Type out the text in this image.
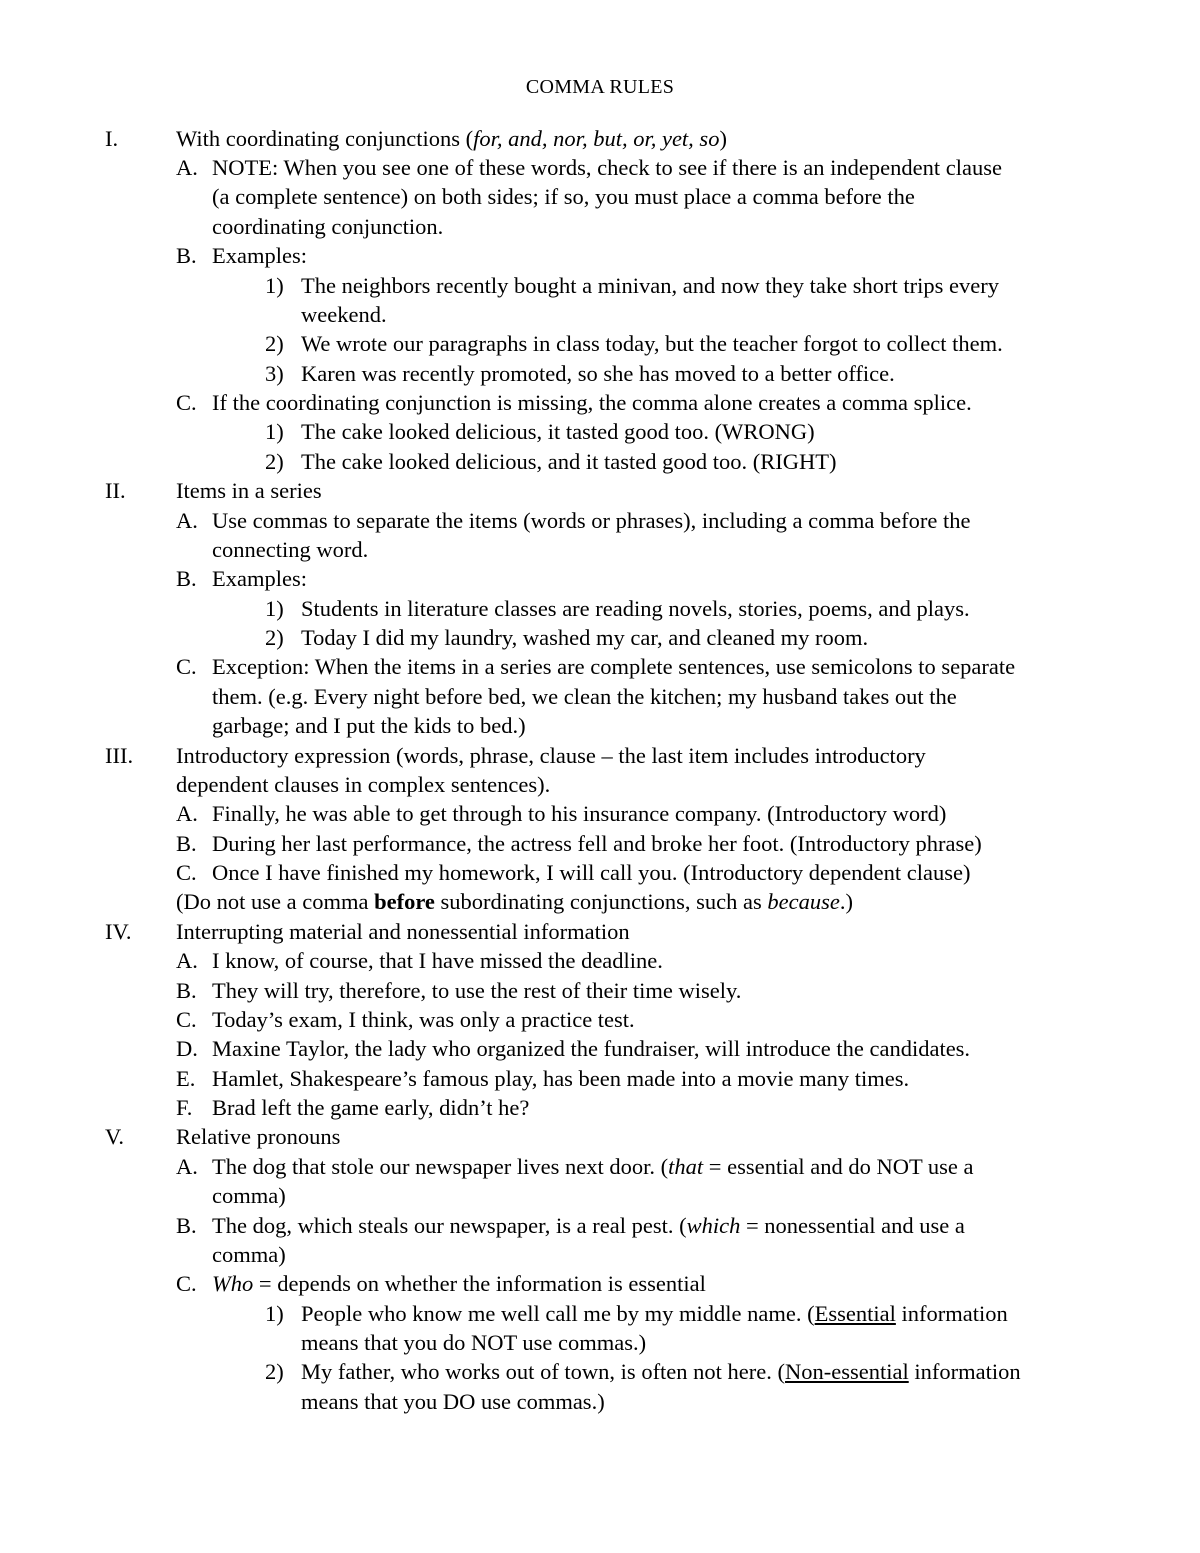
COMMA RULES
I.	With coordinating conjunctions (for, and, nor, but, or, yet, so)
A. NOTE: When you see one of these words, check to see if there is an independent clause
(a complete sentence) on both sides; if so, you must place a comma before the
coordinating conjunction.
B. Examples:
1) The neighbors recently bought a minivan, and now they take short trips every
weekend.
2) We wrote our paragraphs in class today, but the teacher forgot to collect them.
3) Karen was recently promoted, so she has moved to a better office.
C. If the coordinating conjunction is missing, the comma alone creates a comma splice.
1) The cake looked delicious, it tasted good too. (WRONG)
2) The cake looked delicious, and it tasted good too. (RIGHT)
II. Items in a series
A. Use commas to separate the items (words or phrases), including a comma before the
connecting word.
B. Examples:
1) Students in literature classes are reading novels, stories, poems, and plays.
2) Today I did my laundry, washed my car, and cleaned my room.
C. Exception: When the items in a series are complete sentences, use semicolons to separate
them. (e.g. Every night before bed, we clean the kitchen; my husband takes out the
garbage; and I put the kids to bed.)
III. Introductory expression (words, phrase, clause – the last item includes introductory
dependent clauses in complex sentences).
A. Finally, he was able to get through to his insurance company. (Introductory word)
B. During her last performance, the actress fell and broke her foot. (Introductory phrase)
C. Once I have finished my homework, I will call you. (Introductory dependent clause)
(Do not use a comma before subordinating conjunctions, such as because.)
IV. Interrupting material and nonessential information
A. I know, of course, that I have missed the deadline.
B. They will try, therefore, to use the rest of their time wisely.
C. Today’s exam, I think, was only a practice test.
D. Maxine Taylor, the lady who organized the fundraiser, will introduce the candidates.
E. Hamlet, Shakespeare’s famous play, has been made into a movie many times.
F. Brad left the game early, didn’t he?
V. Relative pronouns
A. The dog that stole our newspaper lives next door. (that = essential and do NOT use a
comma)
B. The dog, which steals our newspaper, is a real pest. (which = nonessential and use a
comma)
C. Who = depends on whether the information is essential
1) People who know me well call me by my middle name. (Essential information
means that you do NOT use commas.)
2) My father, who works out of town, is often not here. (Non-essential information
means that you DO use commas.)
